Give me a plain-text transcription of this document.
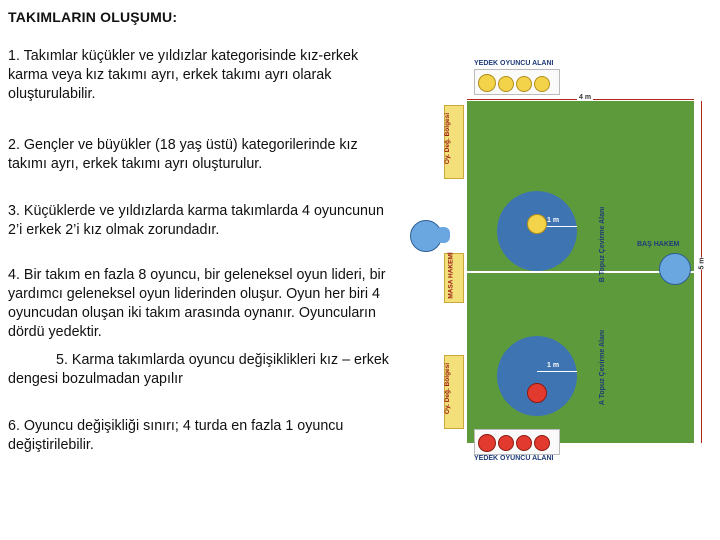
TAKIMLARIN OLUŞUMU:
1. Takımlar küçükler ve yıldızlar kategorisinde kız-erkek karma veya kız takımı ayrı, erkek takımı ayrı olarak oluşturulabilir.
2. Gençler ve büyükler (18 yaş üstü) kategorilerinde kız takımı ayrı, erkek takımı ayrı oluşturulur.
3. Küçüklerde ve yıldızlarda karma takımlarda 4 oyuncunun 2’i erkek 2’i kız olmak zorundadır.
4. Bir takım en fazla 8 oyuncu, bir geleneksel oyun lideri, bir yardımcı geleneksel oyun liderinden oluşur. Oyun her biri 4 oyuncudan oluşan iki takım arasında oynanır. Oyuncuların dördü yedektir.
5. Karma takımlarda oyuncu değişiklikleri kız – erkek dengesi bozulmadan yapılır
6. Oyuncu değişikliği sınırı; 4 turda en fazla 1 oyuncu değiştirilebilir.
YEDEK OYUNCU ALANI
4 m
Oy. Değ. Bölgesi
Oy. Değ. Bölgesi
MASA HAKEMİ
1 m
1 m
B Topuz Çevirme Alanı
A Topuz Çevirme Alanı
BAŞ HAKEM
5 m
YEDEK OYUNCU ALANI
